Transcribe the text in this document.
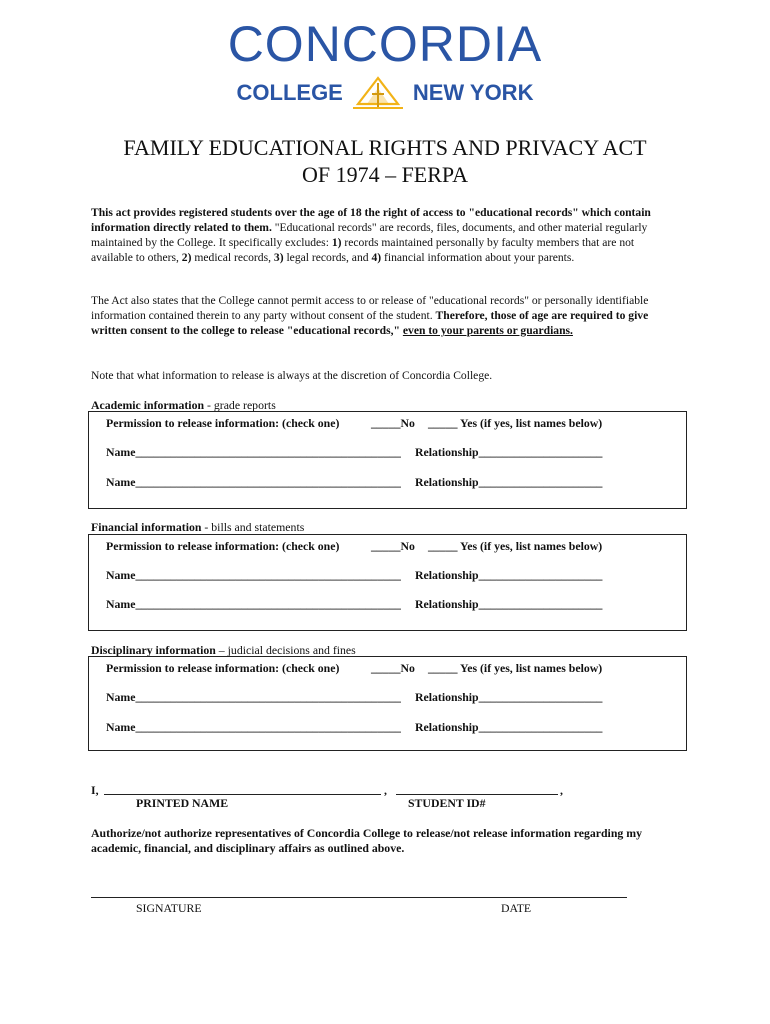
CONCORDIA
COLLEGE	NEW YORK
FAMILY EDUCATIONAL RIGHTS AND PRIVACY ACT
OF 1974 – FERPA
This act provides registered students over the age of 18 the right of access to "educational records" which contain information directly related to them. "Educational records" are records, files, documents, and other material regularly maintained by the College. It specifically excludes: 1) records maintained personally by faculty members that are not available to others, 2) medical records, 3) legal records, and 4) financial information about your parents.
The Act also states that the College cannot permit access to or release of "educational records" or personally identifiable information contained therein to any party without consent of the student. Therefore, those of age are required to give written consent to the college to release "educational records," even to your parents or guardians.
Note that what information to release is always at the discretion of Concordia College.
Academic information - grade reports
Permission to release information: (check one)	_____No _____ Yes (if yes, list names below)
Name_____________________________________________ Relationship_____________________
Name_____________________________________________ Relationship_____________________
Financial information - bills and statements
Permission to release information: (check one)	_____No _____ Yes (if yes, list names below)
Name_____________________________________________ Relationship_____________________
Name_____________________________________________ Relationship_____________________
Disciplinary information – judicial decisions and fines
Permission to release information: (check one)	_____No _____ Yes (if yes, list names below)
Name_____________________________________________ Relationship_____________________
Name_____________________________________________ Relationship_____________________
I,	,	,
PRINTED NAME	STUDENT ID#
Authorize/not authorize representatives of Concordia College to release/not release information regarding my academic, financial, and disciplinary affairs as outlined above.
SIGNATURE	DATE
